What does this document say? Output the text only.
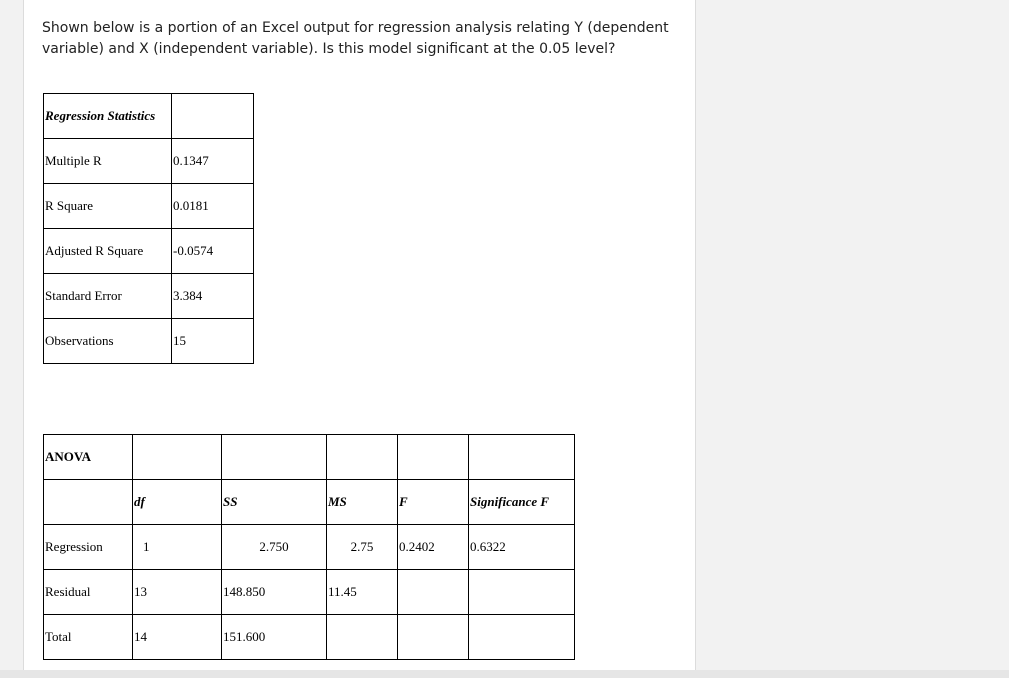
Shown below is a portion of an Excel output for regression analysis relating Y (dependent variable) and X (independent variable). Is this model significant at the 0.05 level?

Regression Statistics	
Multiple R	0.1347
R Square	0.0181
Adjusted R Square	-0.0574
Standard Error	3.384
Observations	15
ANOVA					
	df	SS	MS	F	Significance F
Regression	1	2.750	2.75	0.2402	0.6322
Residual	13	148.850	11.45		
Total	14	151.600			
